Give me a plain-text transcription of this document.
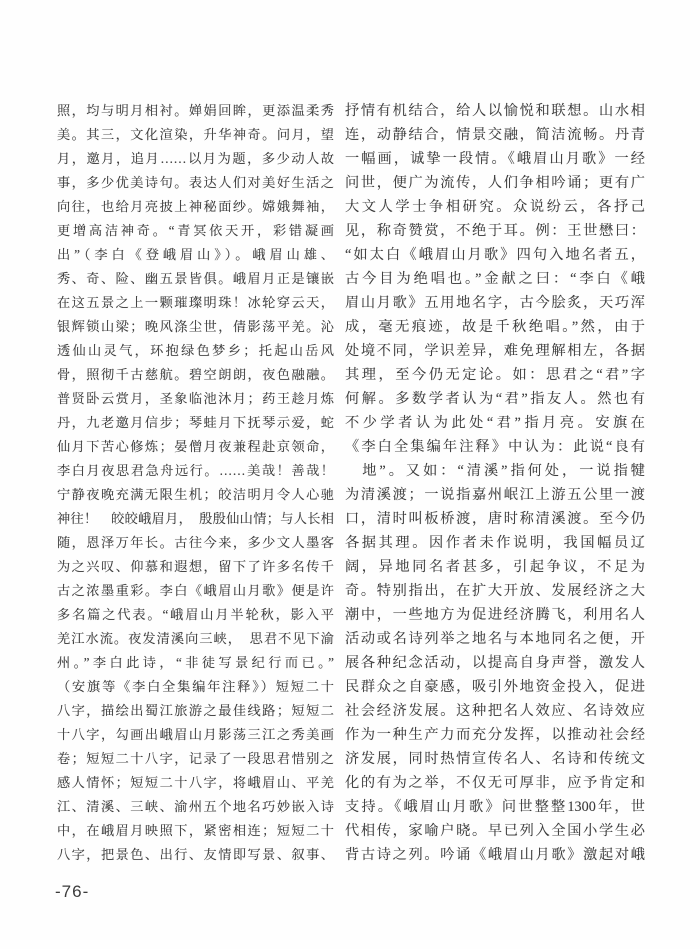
照，均与明月相衬。婵娟回眸，更添温柔秀
美。其三，文化渲染，升华神奇。问月，望
月，邀月，追月……以月为题，多少动人故
事，多少优美诗句。表达人们对美好生活之
向往，也给月亮披上神秘面纱。嫦娥舞袖，
更增高洁神奇。“青冥依天开，彩错凝画
出”（李白《登峨眉山》）。峨眉山雄、
秀、奇、险、幽五景皆俱。峨眉月正是镶嵌
在这五景之上一颗璀璨明珠！冰轮穿云天，
银辉锁山梁；晚风涤尘世，倩影荡平羌。沁
透仙山灵气，环抱绿色梦乡；托起山岳风
骨，照彻千古慈航。碧空朗朗，夜色融融。
普贤卧云赏月，圣象临池沐月；药王趁月炼
丹，九老邀月信步；琴蛙月下抚琴示爱，蛇
仙月下苦心修炼；晏僧月夜兼程赴京领命，
李白月夜思君急舟远行。……美哉！善哉！
宁静夜晚充满无限生机；皎洁明月令人心驰
神往！　皎皎峨眉月，　殷殷仙山情；与人长相
随，恩泽万年长。古往今来，多少文人墨客
为之兴叹、仰慕和遐想，留下了许多名传千
古之浓墨重彩。李白《峨眉山月歌》便是许
多名篇之代表。“峨眉山月半轮秋，影入平
羌江水流。夜发清溪向三峡，　思君不见下渝
州。”李白此诗，“非徒写景纪行而已。”
（安旗等《李白全集编年注释》）短短二十
八字，描绘出蜀江旅游之最佳线路；短短二
十八字，勾画出峨眉山月影荡三江之秀美画
卷；短短二十八字，记录了一段思君惜别之
感人情怀；短短二十八字，将峨眉山、平羌
江、清溪、三峡、渝州五个地名巧妙嵌入诗
中，在峨眉月映照下，紧密相连；短短二十
八字，把景色、出行、友情即写景、叙事、
抒情有机结合，给人以愉悦和联想。山水相
连，动静结合，情景交融，简洁流畅。丹青
一幅画，诚挚一段情。《峨眉山月歌》一经
问世，便广为流传，人们争相吟诵；更有广
大文人学士争相研究。众说纷云，各抒己
见，称奇赞赏，不绝于耳。例：王世懋曰：
“如太白《峨眉山月歌》四句入地名者五，
古今目为绝唱也。”金献之曰：“李白《峨
眉山月歌》五用地名字，古今脍炙，天巧浑
成，毫无痕迹，故是千秋绝唱。”然，由于
处境不同，学识差异，难免理解相左，各据
其理，至今仍无定论。如：思君之“君”字
何解。多数学者认为“君”指友人。然也有
不少学者认为此处“君”指月亮。安旗在
《李白全集编年注释》中认为：此说“良有
　地”。又如：“清溪”指何处，一说指犍
为清溪渡；一说指嘉州岷江上游五公里一渡
口，清时叫板桥渡，唐时称清溪渡。至今仍
各据其理。因作者未作说明，我国幅员辽
阔，异地同名者甚多，引起争议，不足为
奇。特别指出，在扩大开放、发展经济之大
潮中，一些地方为促进经济腾飞，利用名人
活动或名诗列举之地名与本地同名之便，开
展各种纪念活动，以提高自身声誉，激发人
民群众之自豪感，吸引外地资金投入，促进
社会经济发展。这种把名人效应、名诗效应
作为一种生产力而充分发挥，以推动社会经
济发展，同时热情宣传名人、名诗和传统文
化的有为之举，不仅无可厚非，应予肯定和
支持。《峨眉山月歌》问世整整1300年，世
代相传，家喻户晓。早已列入全国小学生必
背古诗之列。吟诵《峨眉山月歌》激起对峨
-76-
